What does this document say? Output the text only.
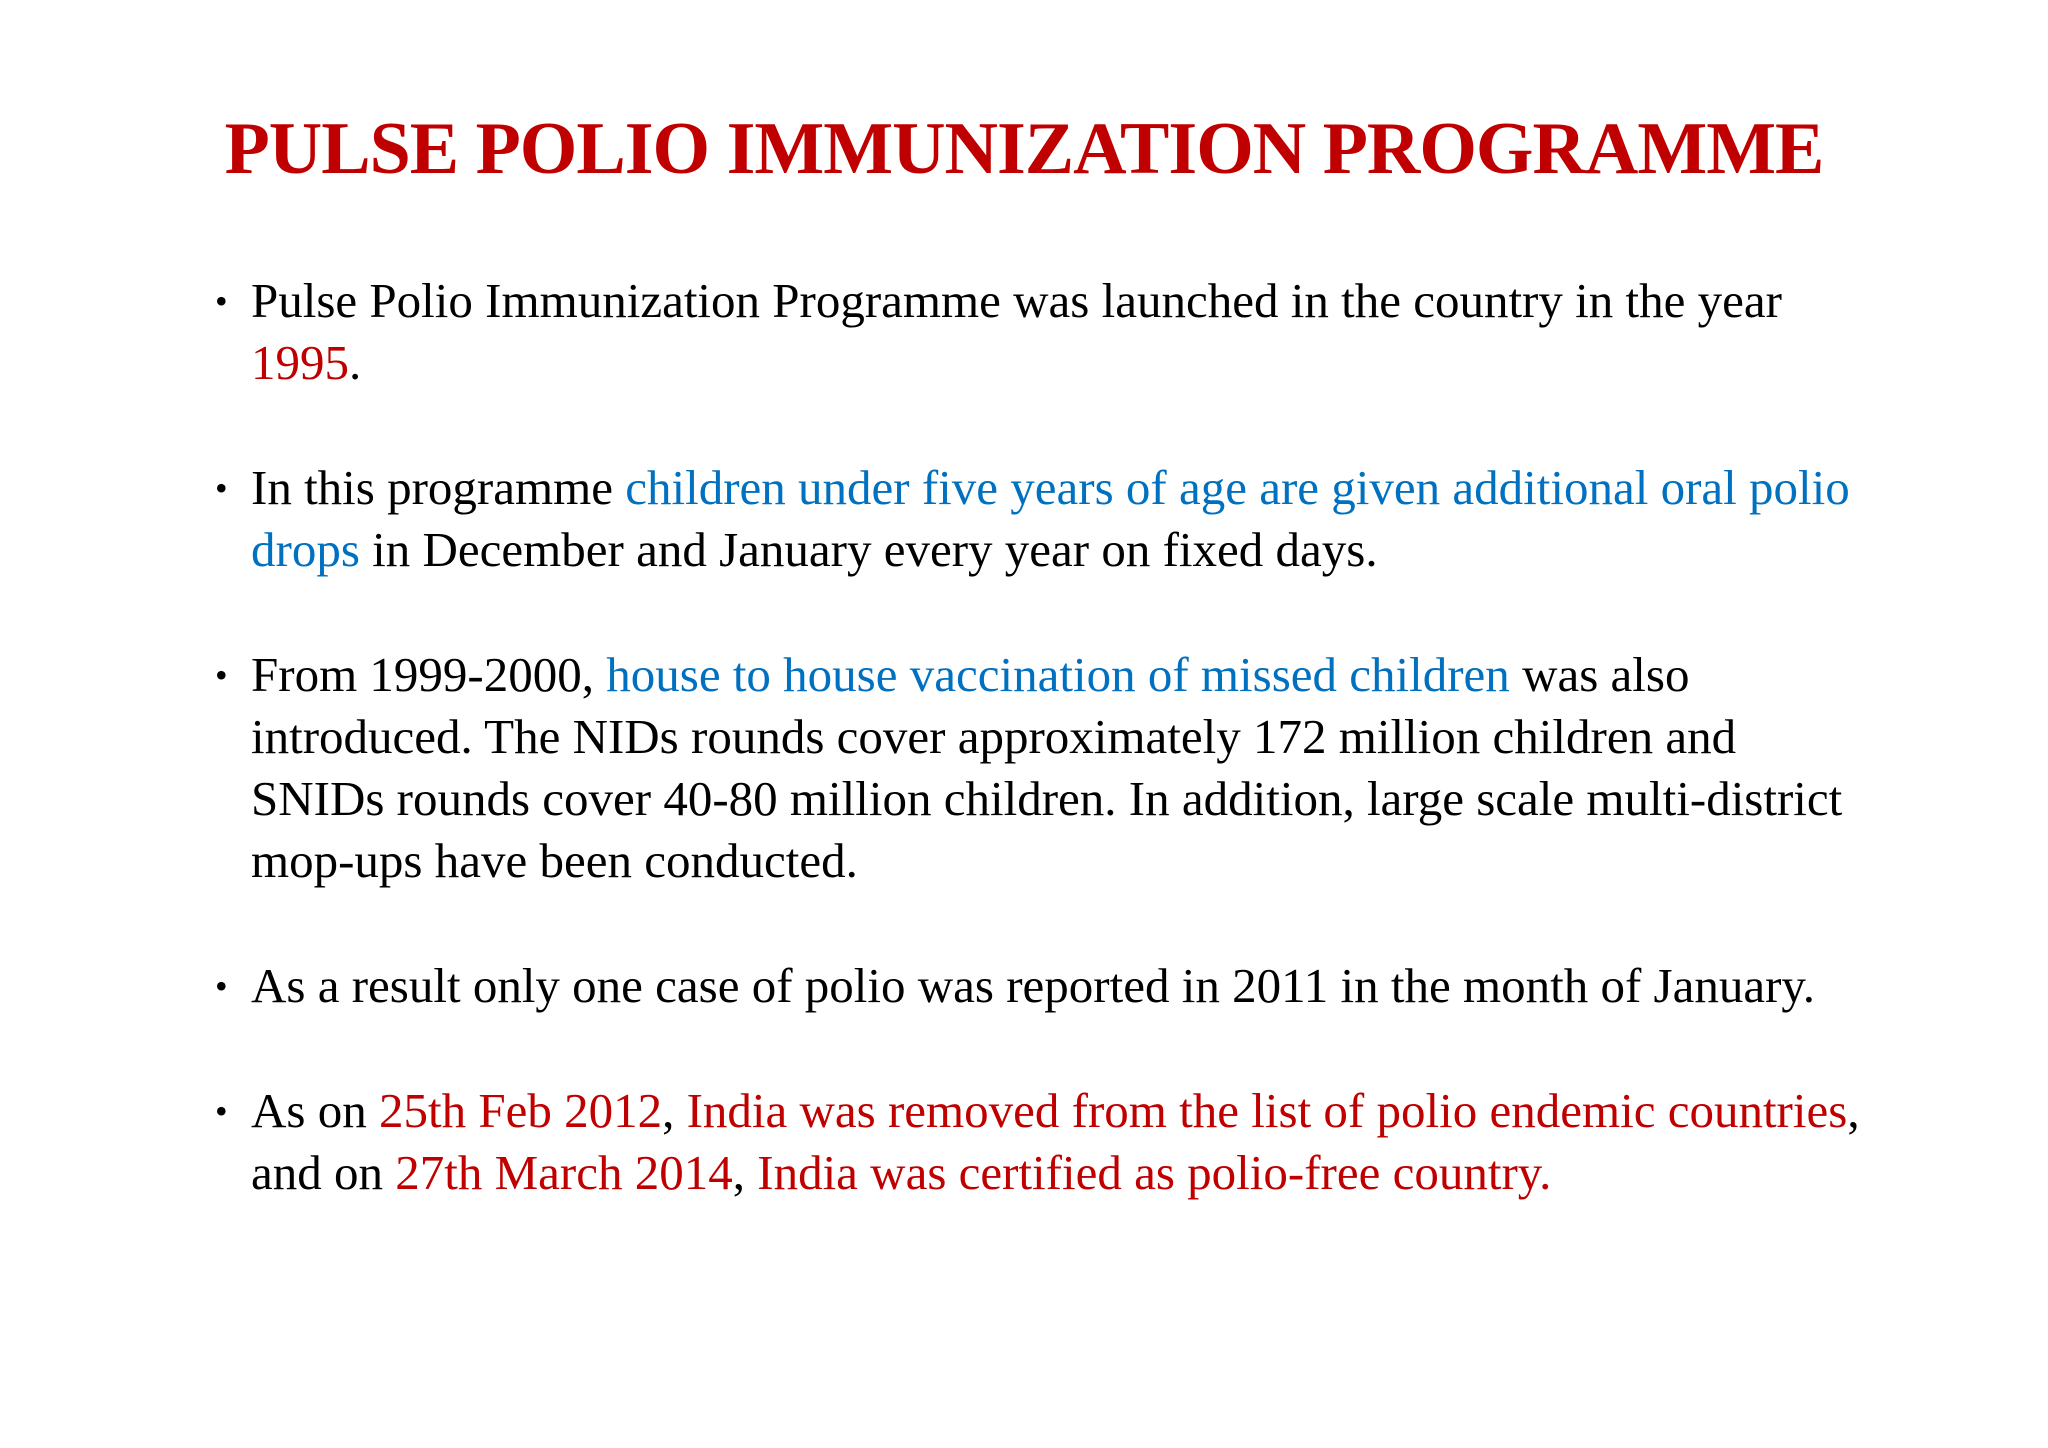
PULSE POLIO IMMUNIZATION PROGRAMME
• Pulse Polio Immunization Programme was launched in the country in the year 1995.
• In this programme children under five years of age are given additional oral polio drops in December and January every year on fixed days.
• From 1999-2000, house to house vaccination of missed children was also introduced. The NIDs rounds cover approximately 172 million children and SNIDs rounds cover 40-80 million children. In addition, large scale multi-district mop-ups have been conducted.
• As a result only one case of polio was reported in 2011 in the month of January.
• As on 25th Feb 2012, India was removed from the list of polio endemic countries, and on 27th March 2014, India was certified as polio-free country.
